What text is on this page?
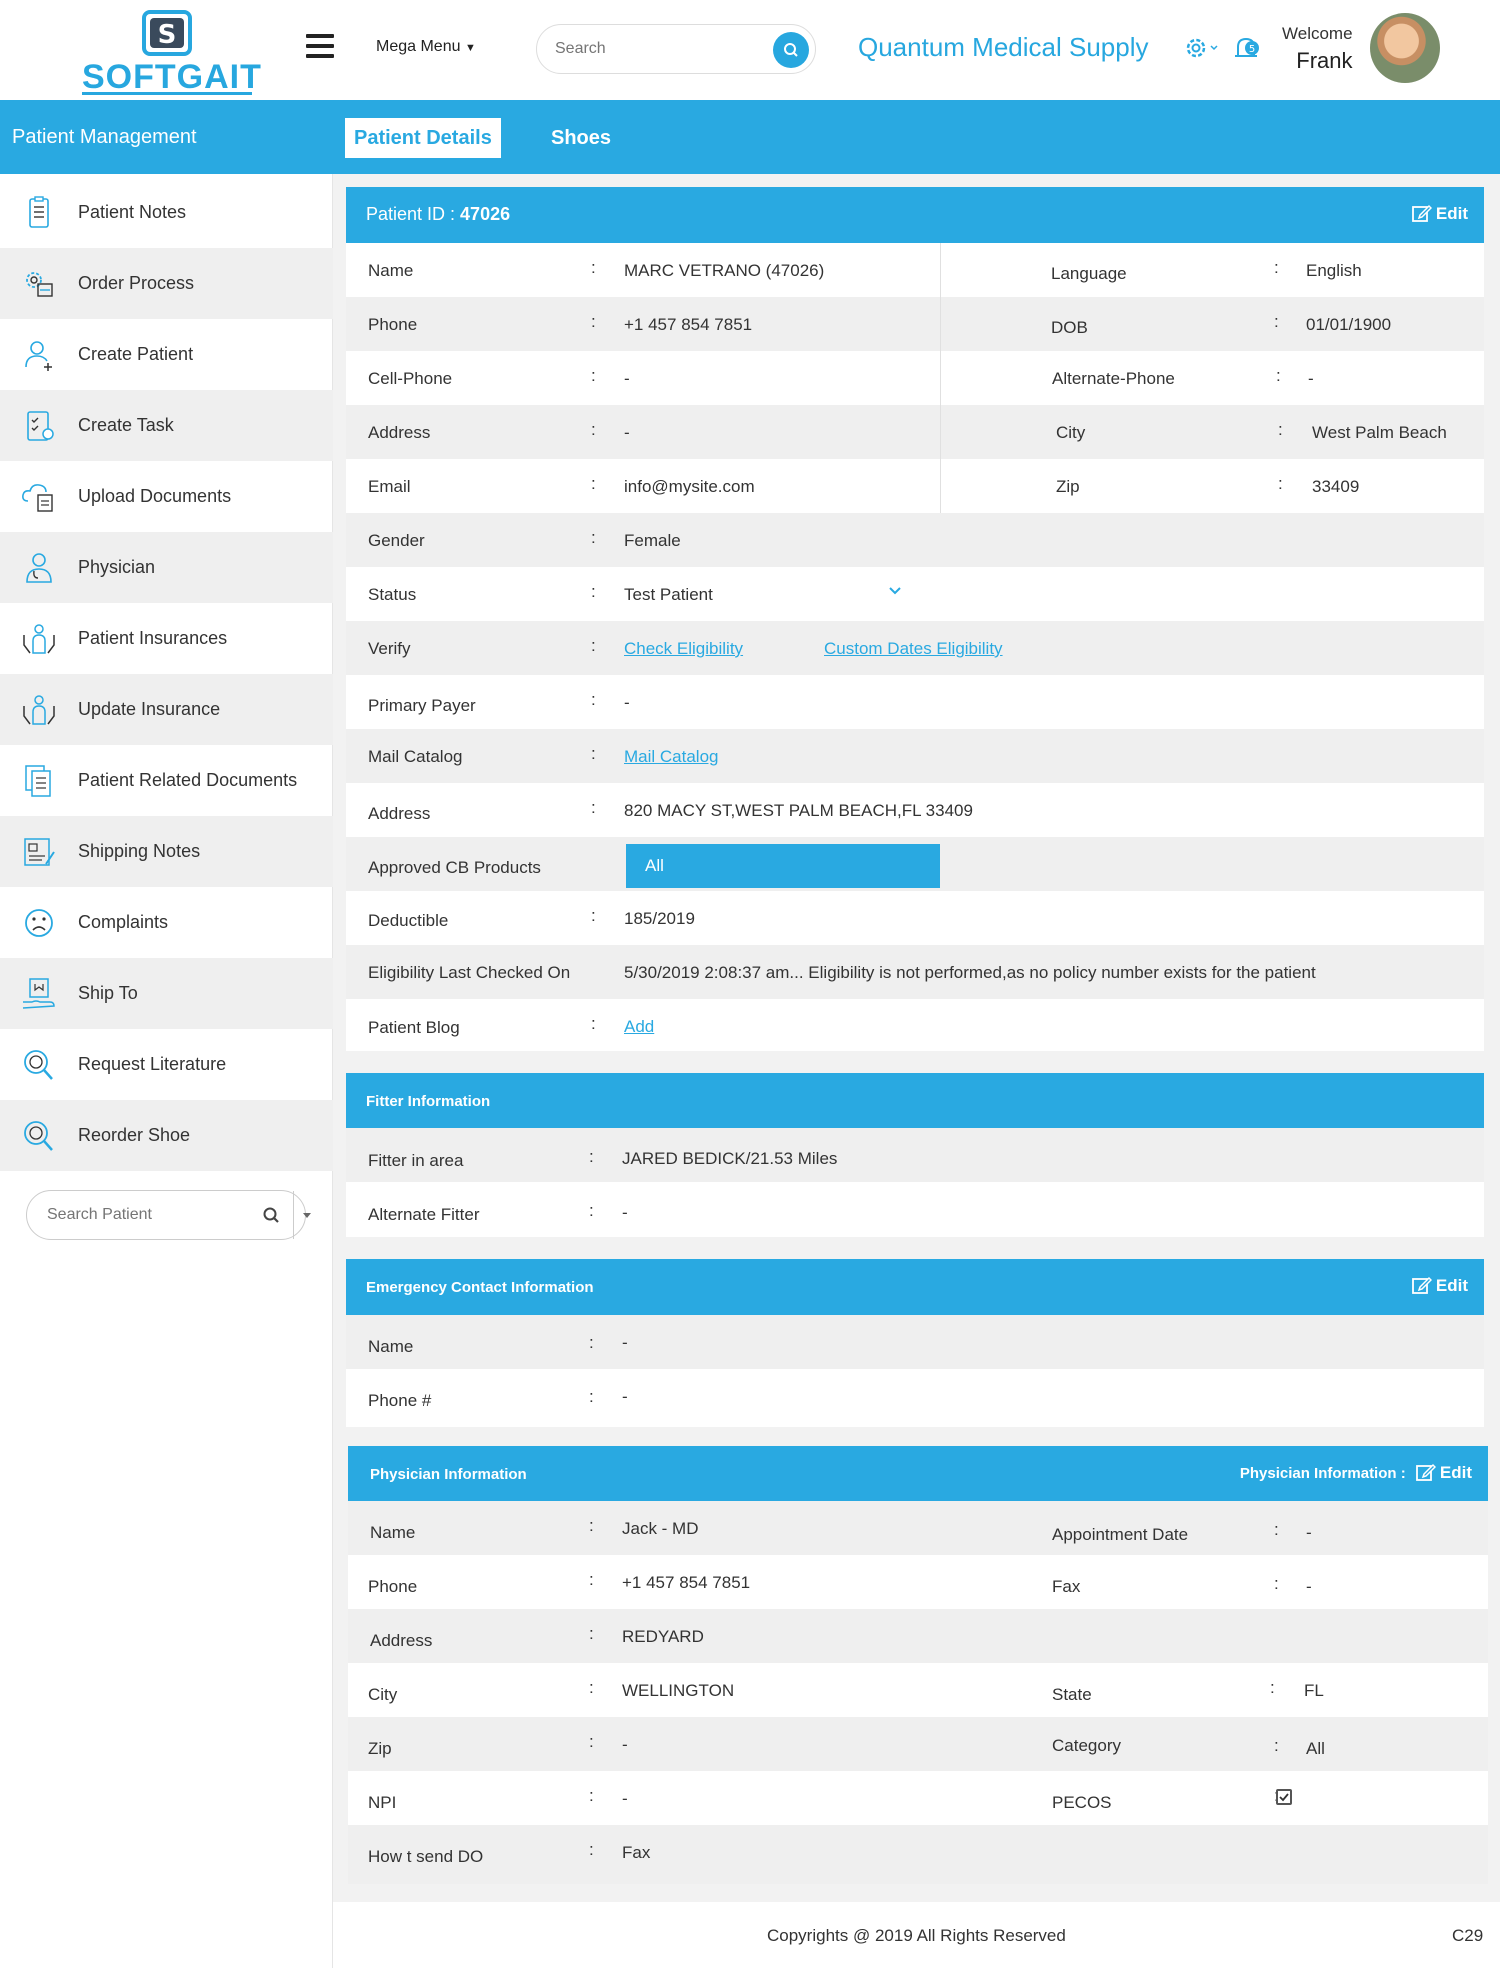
S
SOFTGAIT
Mega Menu ▼
Search	Quantum Medical Supply	5
Welcome
Frank
Patient Management	Patient Details	Shoes
Patient Notes
Order Process
Create Patient
Create Task
Upload Documents
Physician
Patient Insurances
Update Insurance
Patient Related Documents
Shipping Notes
Complaints
Ship To
Request Literature
Reorder Shoe
Search Patient
Patient ID : 47026	Edit
Name	: MARC VETRANO (47026)	Language	: English
Phone	: +1 457 854 7851	DOB	: 01/01/1900
Cell-Phone	: -	Alternate-Phone	: -
Address	: -	City	: West Palm Beach
Email	: info@mysite.com	Zip	: 33409
Gender	: Female
Status	: Test Patient
Verify	: Check Eligibility	Custom Dates Eligibility
Primary Payer	: -
Mail Catalog	: Mail Catalog
Address	: 820 MACY ST,WEST PALM BEACH,FL 33409
Approved CB Products	All
Deductible	: 185/2019
Eligibility Last Checked On	5/30/2019 2:08:37 am... Eligibility is not performed,as no policy number exists for the patient
Patient Blog	: Add
Fitter Information
Fitter in area	: JARED BEDICK/21.53 Miles
Alternate Fitter	: -
Emergency Contact Information	Edit
Name	: -
Phone #	: -
Physician Information	Physician Information : Edit
Name	: Jack - MD	Appointment Date	: -
Phone	: +1 457 854 7851	Fax	: -
Address	: REDYARD
City	: WELLINGTON	State	: FL
Zip	: -	Category	: All
NPI	: -	PECOS	:
How t send DO	: Fax
Copyrights @ 2019 All Rights Reserved	C29
